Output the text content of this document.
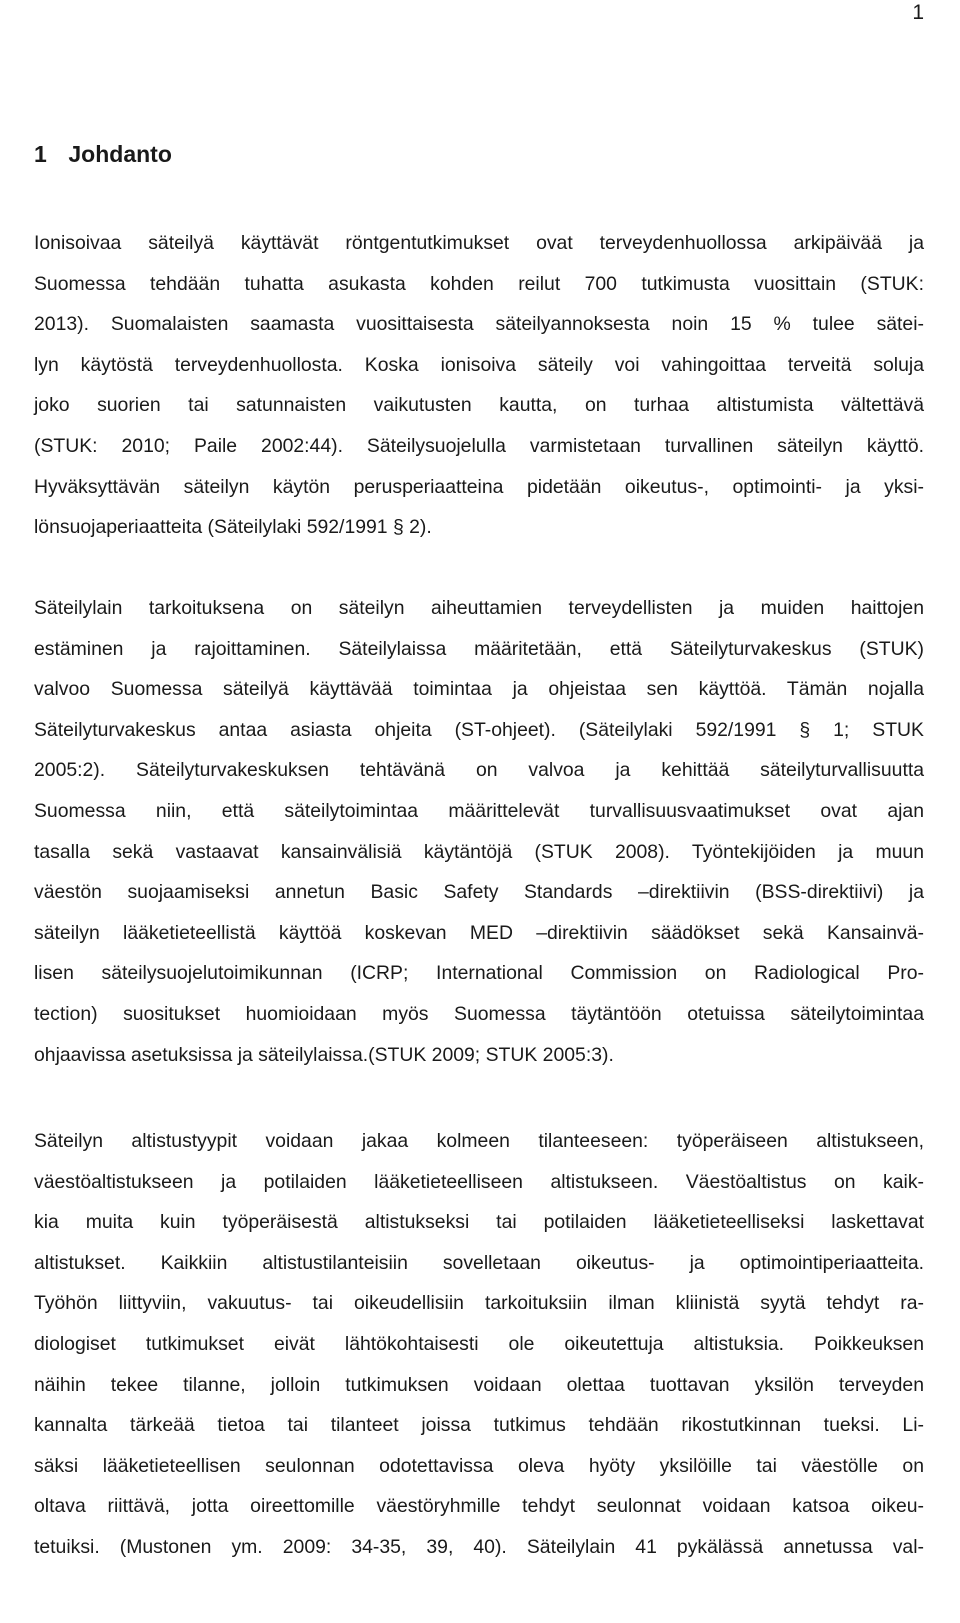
1
1 Johdanto

Ionisoivaa säteilyä käyttävät röntgentutkimukset ovat terveydenhuollossa arkipäivää ja
Suomessa tehdään tuhatta asukasta kohden reilut 700 tutkimusta vuosittain (STUK:
2013). Suomalaisten saamasta vuosittaisesta säteilyannoksesta noin 15 % tulee sätei-
lyn käytöstä terveydenhuollosta. Koska ionisoiva säteily voi vahingoittaa terveitä soluja
joko suorien tai satunnaisten vaikutusten kautta, on turhaa altistumista vältettävä
(STUK: 2010; Paile 2002:44). Säteilysuojelulla varmistetaan turvallinen säteilyn käyttö.
Hyväksyttävän säteilyn käytön perusperiaatteina pidetään oikeutus-, optimointi- ja yksi-
lönsuojaperiaatteita (Säteilylaki 592/1991 § 2).

Säteilylain tarkoituksena on säteilyn aiheuttamien terveydellisten ja muiden haittojen
estäminen ja rajoittaminen. Säteilylaissa määritetään, että Säteilyturvakeskus (STUK)
valvoo Suomessa säteilyä käyttävää toimintaa ja ohjeistaa sen käyttöä. Tämän nojalla
Säteilyturvakeskus antaa asiasta ohjeita (ST-ohjeet). (Säteilylaki 592/1991 § 1; STUK
2005:2). Säteilyturvakeskuksen tehtävänä on valvoa ja kehittää säteilyturvallisuutta
Suomessa niin, että säteilytoimintaa määrittelevät turvallisuusvaatimukset ovat ajan
tasalla sekä vastaavat kansainvälisiä käytäntöjä (STUK 2008). Työntekijöiden ja muun
väestön suojaamiseksi annetun Basic Safety Standards –direktiivin (BSS-direktiivi) ja
säteilyn lääketieteellistä käyttöä koskevan MED –direktiivin säädökset sekä Kansainvä-
lisen säteilysuojelutoimikunnan (ICRP; International Commission on Radiological Pro-
tection) suositukset huomioidaan myös Suomessa täytäntöön otetuissa säteilytoimintaa
ohjaavissa asetuksissa ja säteilylaissa.(STUK 2009; STUK 2005:3).

Säteilyn altistustyypit voidaan jakaa kolmeen tilanteeseen: työperäiseen altistukseen,
väestöaltistukseen ja potilaiden lääketieteelliseen altistukseen. Väestöaltistus on kaik-
kia muita kuin työperäisestä altistukseksi tai potilaiden lääketieteelliseksi laskettavat
altistukset. Kaikkiin altistustilanteisiin sovelletaan oikeutus- ja optimointiperiaatteita.
Työhön liittyviin, vakuutus- tai oikeudellisiin tarkoituksiin ilman kliinistä syytä tehdyt ra-
diologiset tutkimukset eivät lähtökohtaisesti ole oikeutettuja altistuksia. Poikkeuksen
näihin tekee tilanne, jolloin tutkimuksen voidaan olettaa tuottavan yksilön terveyden
kannalta tärkeää tietoa tai tilanteet joissa tutkimus tehdään rikostutkinnan tueksi. Li-
säksi lääketieteellisen seulonnan odotettavissa oleva hyöty yksilöille tai väestölle on
oltava riittävä, jotta oireettomille väestöryhmille tehdyt seulonnat voidaan katsoa oikeu-
tetuiksi. (Mustonen ym. 2009: 34-35, 39, 40). Säteilylain 41 pykälässä annetussa val-
